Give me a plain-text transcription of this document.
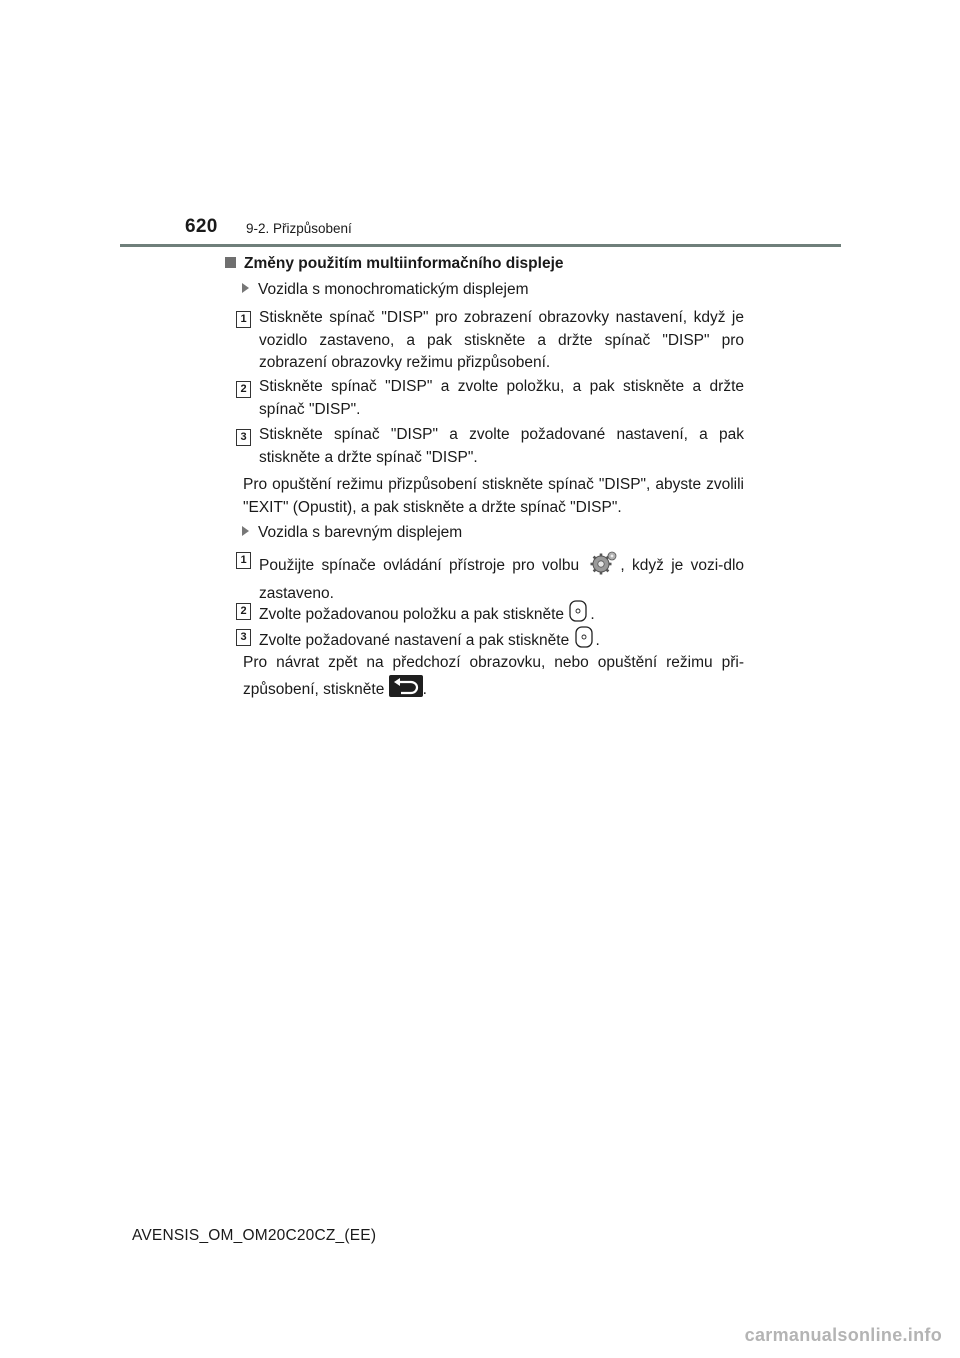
620 9-2. Přizpůsobení
Změny použitím multiinformačního displeje
Vozidla s monochromatickým displejem
1 Stiskněte spínač "DISP" pro zobrazení obrazovky nastavení, když je vozidlo zastaveno, a pak stiskněte a držte spínač "DISP" pro zobrazení obrazovky režimu přizpůsobení.

2 Stiskněte spínač "DISP" a zvolte položku, a pak stiskněte a držte spínač "DISP".

3 Stiskněte spínač "DISP" a zvolte požadované nastavení, a pak stiskněte a držte spínač "DISP".

Pro opuštění režimu přizpůsobení stiskněte spínač "DISP", abyste zvolili "EXIT" (Opustit), a pak stiskněte a držte spínač "DISP".

Vozidla s barevným displejem
1 Použijte spínače ovládání přístroje pro volbu	, když je vozi-dlo zastaveno.

2 Zvolte požadovanou položku a pak stiskněte .

3 Zvolte požadované nastavení a pak stiskněte .

Pro návrat zpět na předchozí obrazovku, nebo opuštění režimu při-způsobení, stiskněte .

AVENSIS_OM_OM20C20CZ_(EE)
carmanualsonline.info
